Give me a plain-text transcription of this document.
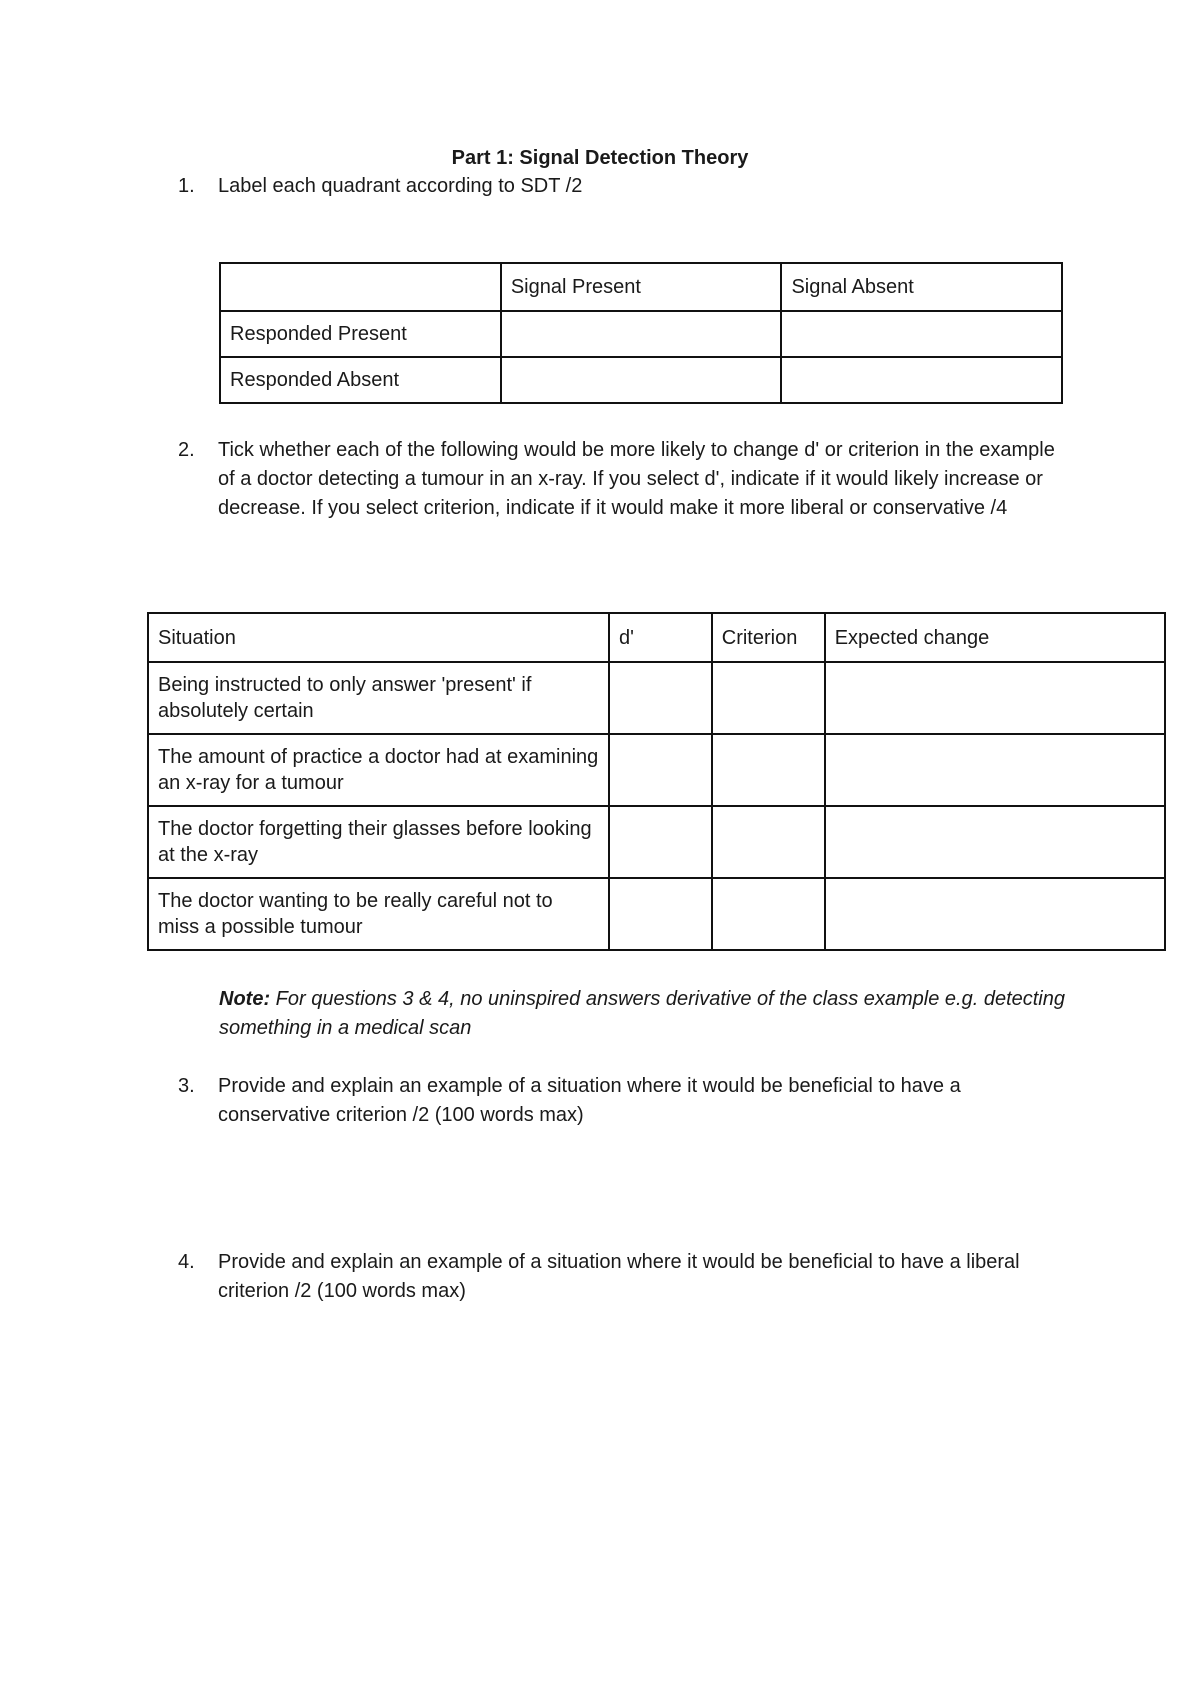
Part 1: Signal Detection Theory
1. Label each quadrant according to SDT /2
	Signal Present	Signal Absent
Responded Present		
Responded Absent		
2. Tick whether each of the following would be more likely to change d' or criterion in the example of a doctor detecting a tumour in an x-ray. If you select d', indicate if it would likely increase or decrease. If you select criterion, indicate if it would make it more liberal or conservative /4
Situation	d'	Criterion	Expected change
Being instructed to only answer 'present' if absolutely certain			
The amount of practice a doctor had at examining an x-ray for a tumour			
The doctor forgetting their glasses before looking at the x-ray			
The doctor wanting to be really careful not to miss a possible tumour			
Note: For questions 3 & 4, no uninspired answers derivative of the class example e.g. detecting something in a medical scan
3. Provide and explain an example of a situation where it would be beneficial to have a conservative criterion /2 (100 words max)
4. Provide and explain an example of a situation where it would be beneficial to have a liberal criterion /2 (100 words max)
